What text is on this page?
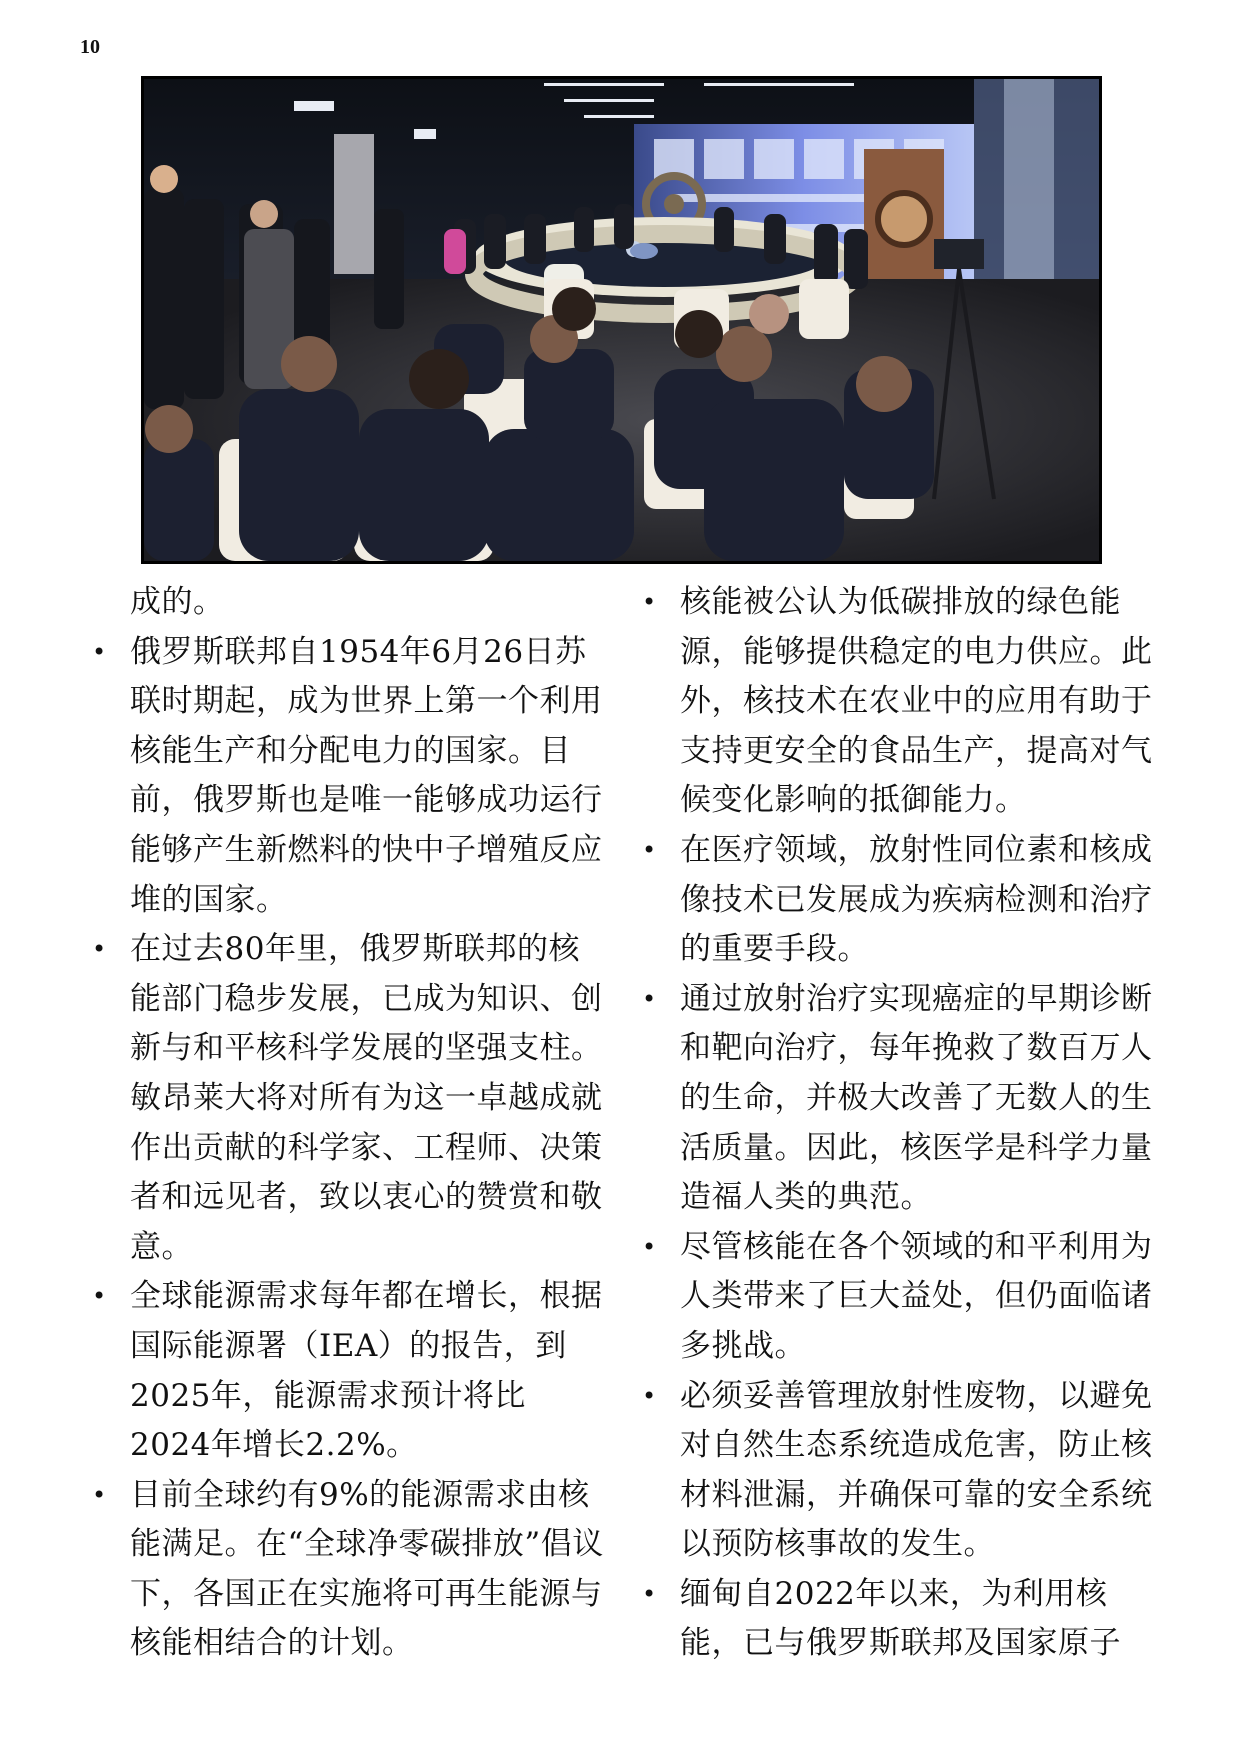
10

成的。

• 俄罗斯联邦自1954年6月26日苏联时期起，成为世界上第一个利用核能生产和分配电力的国家。目前，俄罗斯也是唯一能够成功运行能够产生新燃料的快中子增殖反应堆的国家。

• 在过去80年里，俄罗斯联邦的核能部门稳步发展，已成为知识、创新与和平核科学发展的坚强支柱。敏昂莱大将对所有为这一卓越成就作出贡献的科学家、工程师、决策者和远见者，致以衷心的赞赏和敬意。

• 全球能源需求每年都在增长，根据国际能源署（IEA）的报告，到2025年，能源需求预计将比2024年增长2.2%。

• 目前全球约有9%的能源需求由核能满足。在“全球净零碳排放”倡议下，各国正在实施将可再生能源与核能相结合的计划。

• 核能被公认为低碳排放的绿色能源，能够提供稳定的电力供应。此外，核技术在农业中的应用有助于支持更安全的食品生产，提高对气候变化影响的抵御能力。

• 在医疗领域，放射性同位素和核成像技术已发展成为疾病检测和治疗的重要手段。

• 通过放射治疗实现癌症的早期诊断和靶向治疗，每年挽救了数百万人的生命，并极大改善了无数人的生活质量。因此，核医学是科学力量造福人类的典范。

• 尽管核能在各个领域的和平利用为人类带来了巨大益处，但仍面临诸多挑战。

• 必须妥善管理放射性废物，以避免对自然生态系统造成危害，防止核材料泄漏，并确保可靠的安全系统以预防核事故的发生。

• 缅甸自2022年以来，为利用核能，已与俄罗斯联邦及国家原子
